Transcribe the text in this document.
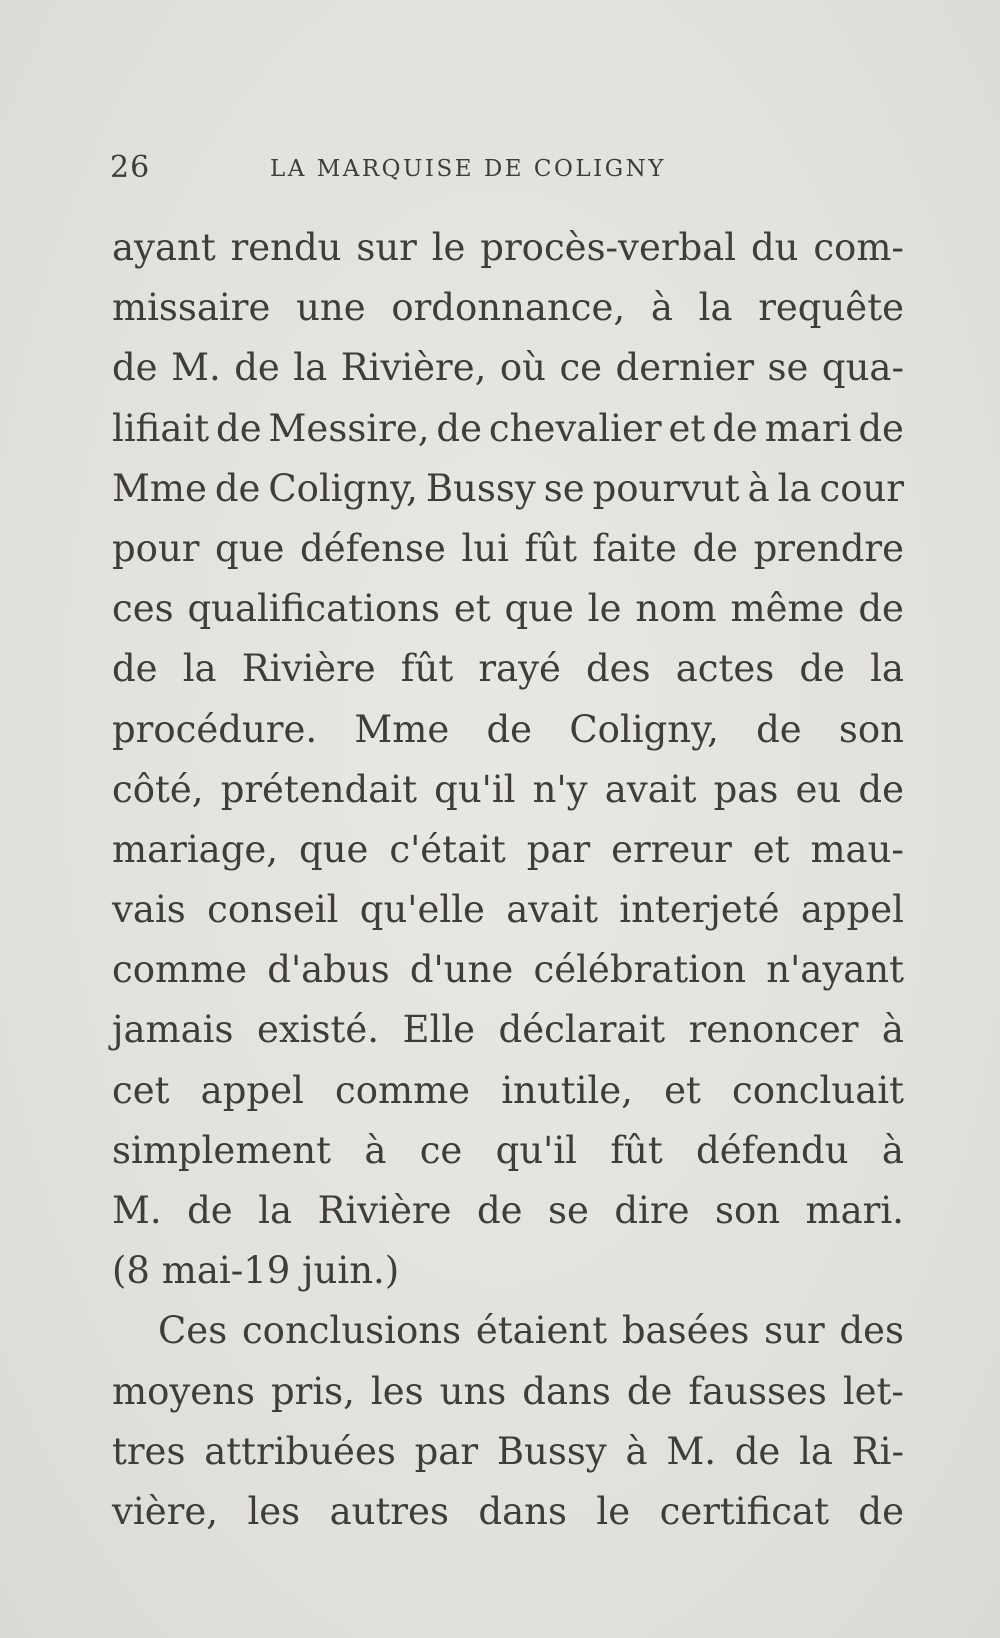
26	LA MARQUISE DE COLIGNY
ayant rendu sur le procès-verbal du com-
missaire une ordonnance, à la requête
de M. de la Rivière, où ce dernier se qua-
lifiait de Messire, de chevalier et de mari de
Mme de Coligny, Bussy se pourvut à la cour
pour que défense lui fût faite de prendre
ces qualifications et que le nom même de
de la Rivière fût rayé des actes de la
procédure. Mme de Coligny, de son
côté, prétendait qu'il n'y avait pas eu de
mariage, que c'était par erreur et mau-
vais conseil qu'elle avait interjeté appel
comme d'abus d'une célébration n'ayant
jamais existé. Elle déclarait renoncer à
cet appel comme inutile, et concluait
simplement à ce qu'il fût défendu à
M. de la Rivière de se dire son mari.
(8 mai-19 juin.)
Ces conclusions étaient basées sur des
moyens pris, les uns dans de fausses let-
tres attribuées par Bussy à M. de la Ri-
vière, les autres dans le certificat de
